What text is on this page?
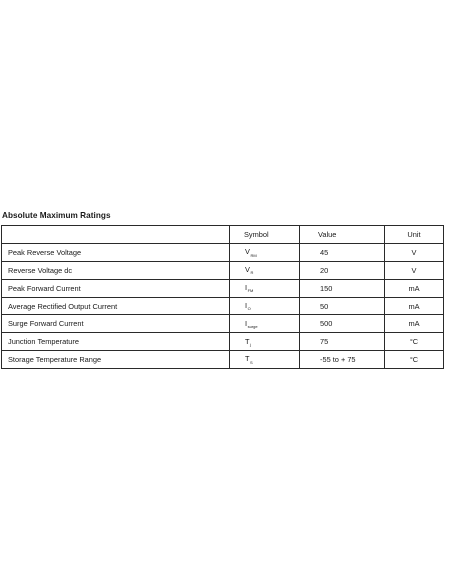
Absolute Maximum Ratings
	Symbol	Value	Unit
Peak Reverse Voltage	$V_{RM}$	45	V
Reverse Voltage dc	$V_R$	20	V
Peak Forward Current	$I_{FM}$	150	mA
Average Rectified Output Current	$I_O$	50	mA
Surge Forward Current	$I_{surge}$	500	mA
Junction Temperature	$T_j$	75	°C
Storage Temperature Range	$T_S$	-55 to + 75	°C
